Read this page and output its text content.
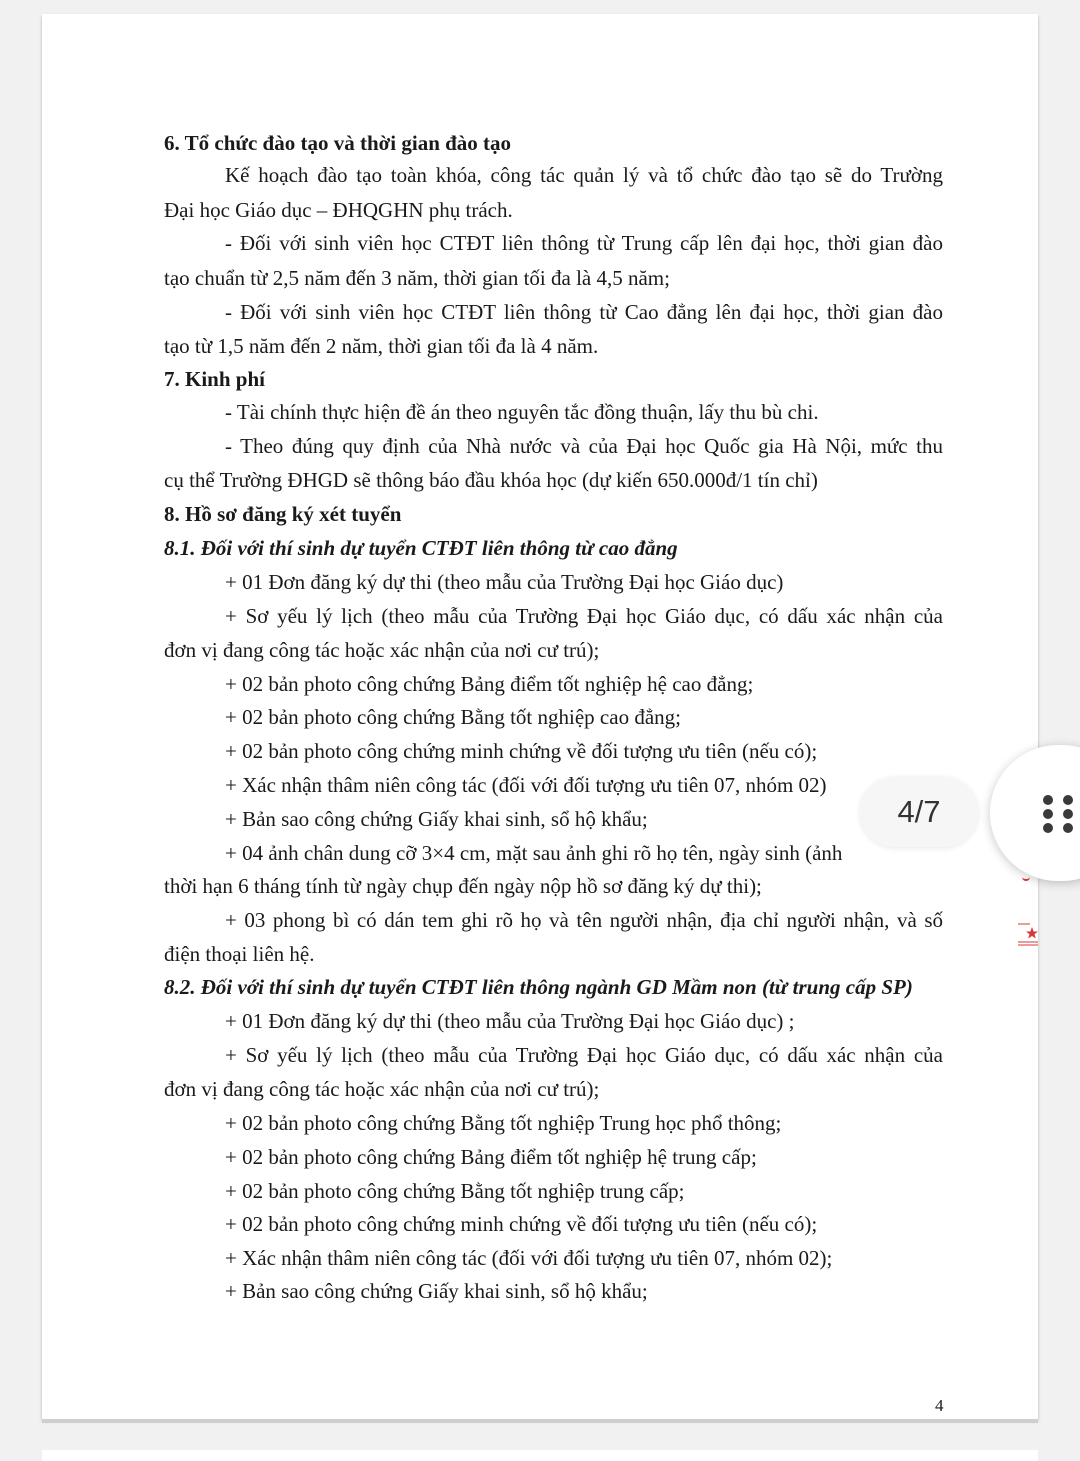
6. Tổ chức đào tạo và thời gian đào tạo
Kế hoạch đào tạo toàn khóa, công tác quản lý và tổ chức đào tạo sẽ do Trường
Đại học Giáo dục – ĐHQGHN phụ trách.
- Đối với sinh viên học CTĐT liên thông từ Trung cấp lên đại học, thời gian đào
tạo chuẩn từ 2,5 năm đến 3 năm, thời gian tối đa là 4,5 năm;
- Đối với sinh viên học CTĐT liên thông từ Cao đẳng lên đại học, thời gian đào
tạo từ 1,5 năm đến 2 năm, thời gian tối đa là 4 năm.
7. Kinh phí
- Tài chính thực hiện đề án theo nguyên tắc đồng thuận, lấy thu bù chi.
- Theo đúng quy định của Nhà nước và của Đại học Quốc gia Hà Nội, mức thu
cụ thể Trường ĐHGD sẽ thông báo đầu khóa học (dự kiến 650.000đ/1 tín chỉ)
8. Hồ sơ đăng ký xét tuyển
8.1. Đối với thí sinh dự tuyển CTĐT liên thông từ cao đẳng
+ 01 Đơn đăng ký dự thi (theo mẫu của Trường Đại học Giáo dục)
+ Sơ yếu lý lịch (theo mẫu của Trường Đại học Giáo dục, có dấu xác nhận của
đơn vị đang công tác hoặc xác nhận của nơi cư trú);
+ 02 bản photo công chứng Bảng điểm tốt nghiệp hệ cao đẳng;
+ 02 bản photo công chứng Bằng tốt nghiệp cao đẳng;
+ 02 bản photo công chứng minh chứng về đối tượng ưu tiên (nếu có);
+ Xác nhận thâm niên công tác (đối với đối tượng ưu tiên 07, nhóm 02)
+ Bản sao công chứng Giấy khai sinh, sổ hộ khẩu;
+ 04 ảnh chân dung cỡ 3×4 cm, mặt sau ảnh ghi rõ họ tên, ngày sinh (ảnh
thời hạn 6 tháng tính từ ngày chụp đến ngày nộp hồ sơ đăng ký dự thi);
+ 03 phong bì có dán tem ghi rõ họ và tên người nhận, địa chỉ người nhận, và số
điện thoại liên hệ.
8.2. Đối với thí sinh dự tuyển CTĐT liên thông ngành GD Mầm non (từ trung cấp SP)
+ 01 Đơn đăng ký dự thi (theo mẫu của Trường Đại học Giáo dục) ;
+ Sơ yếu lý lịch (theo mẫu của Trường Đại học Giáo dục, có dấu xác nhận của
đơn vị đang công tác hoặc xác nhận của nơi cư trú);
+ 02 bản photo công chứng Bằng tốt nghiệp Trung học phổ thông;
+ 02 bản photo công chứng Bảng điểm tốt nghiệp hệ trung cấp;
+ 02 bản photo công chứng Bằng tốt nghiệp trung cấp;
+ 02 bản photo công chứng minh chứng về đối tượng ưu tiên (nếu có);
+ Xác nhận thâm niên công tác (đối với đối tượng ưu tiên 07, nhóm 02);
+ Bản sao công chứng Giấy khai sinh, sổ hộ khẩu;
4
4/7
